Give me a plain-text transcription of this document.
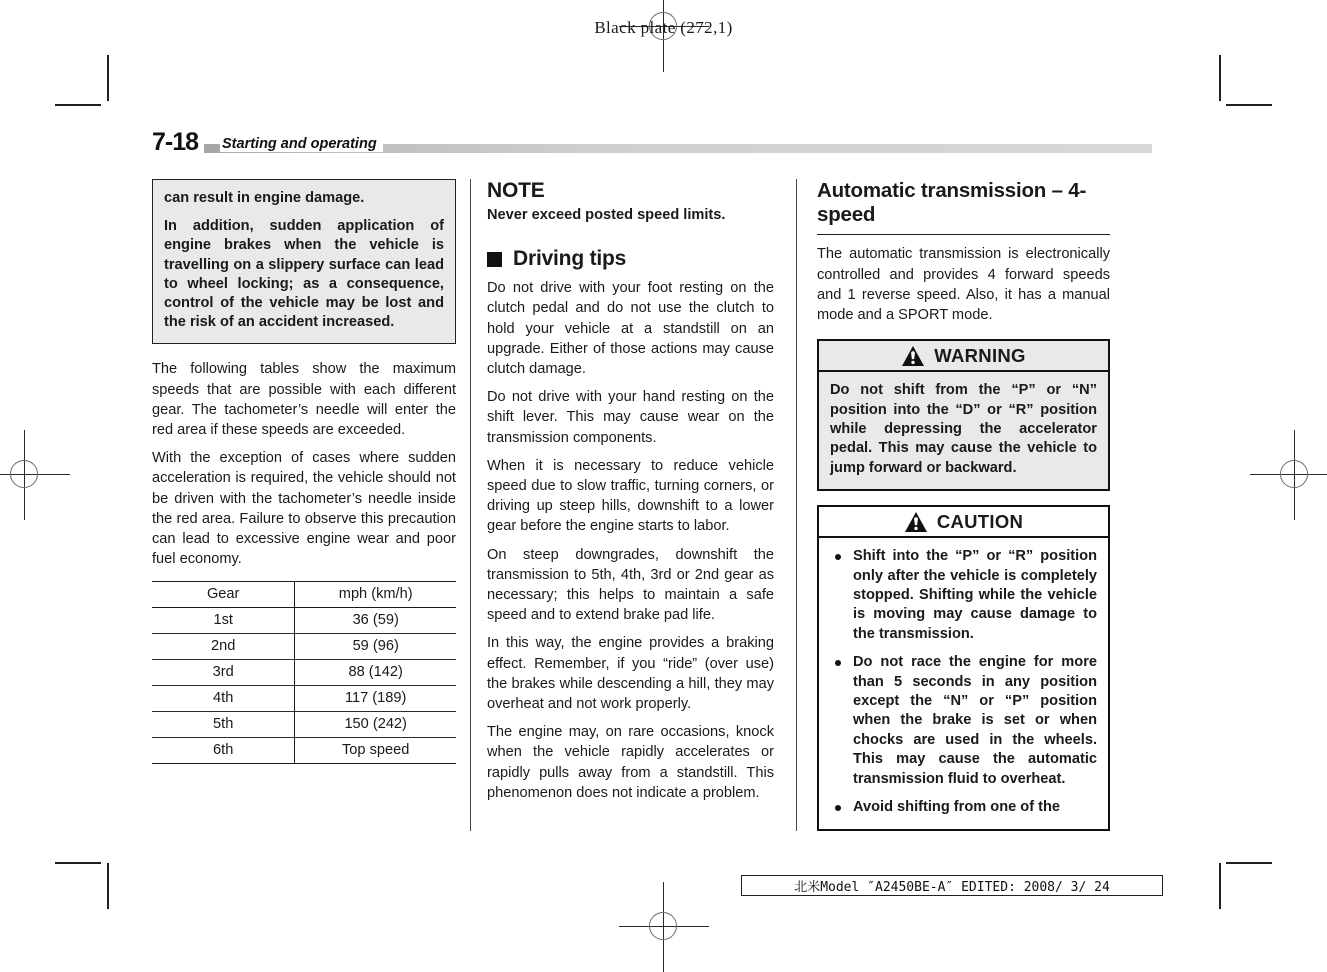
Black plate (272,1)
7-18	Starting and operating

can result in engine damage.

In addition, sudden application of engine brakes when the vehicle is travelling on a slippery surface can lead to wheel locking; as a consequence, control of the vehicle may be lost and the risk of an accident increased.

The following tables show the maximum speeds that are possible with each different gear. The tachometer’s needle will enter the red area if these speeds are exceeded.

With the exception of cases where sudden acceleration is required, the vehicle should not be driven with the tachometer’s needle inside the red area. Failure to observe this precaution can lead to excessive engine wear and poor fuel economy.

Gear	mph (km/h)
1st	36 (59)
2nd	59 (96)
3rd	88 (142)
4th	117 (189)
5th	150 (242)
6th	Top speed
NOTE

Never exceed posted speed limits.

Driving tips

Do not drive with your foot resting on the clutch pedal and do not use the clutch to hold your vehicle at a standstill on an upgrade. Either of those actions may cause clutch damage.

Do not drive with your hand resting on the shift lever. This may cause wear on the transmission components.

When it is necessary to reduce vehicle speed due to slow traffic, turning corners, or driving up steep hills, downshift to a lower gear before the engine starts to labor.

On steep downgrades, downshift the transmission to 5th, 4th, 3rd or 2nd gear as necessary; this helps to maintain a safe speed and to extend brake pad life.

In this way, the engine provides a braking effect. Remember, if you “ride” (over use) the brakes while descending a hill, they may overheat and not work properly.

The engine may, on rare occasions, knock when the vehicle rapidly accelerates or rapidly pulls away from a standstill. This phenomenon does not indicate a problem.

Automatic transmission – 4-speed

The automatic transmission is electronically controlled and provides 4 forward speeds and 1 reverse speed. Also, it has a manual mode and a SPORT mode.

WARNING

Do not shift from the “P” or “N” position into the “D” or “R” position while depressing the accelerator pedal. This may cause the vehicle to jump forward or backward.

CAUTION
Shift into the “P” or “R” position only after the vehicle is completely stopped. Shifting while the vehicle is moving may cause damage to the transmission.
Do not race the engine for more than 5 seconds in any position except the “N” or “P” position when the brake is set or when chocks are used in the wheels. This may cause the automatic transmission fluid to overheat.
Avoid shifting from one of the
北米Model ″A2450BE-A″ EDITED: 2008/ 3/ 24
